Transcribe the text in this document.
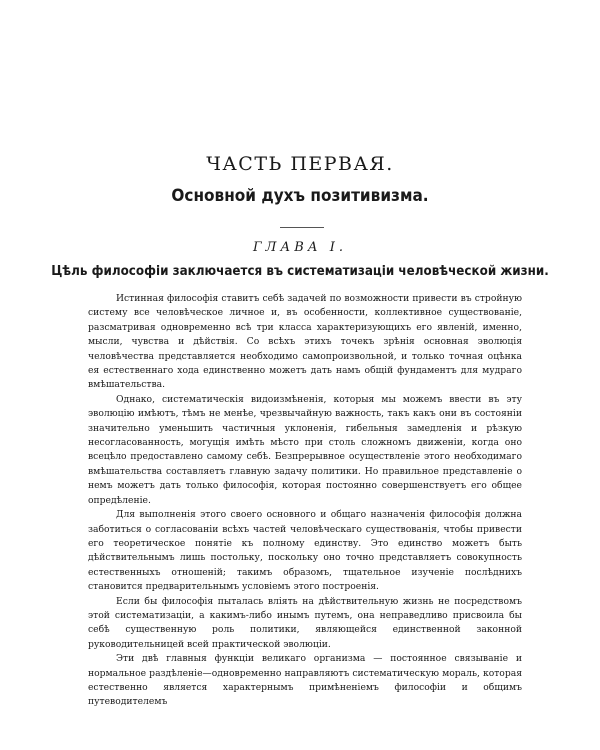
ЧАСТЬ ПЕРВАЯ.
Основной духъ позитивизма.
ГЛАВА I.
Цѣль философіи заключается въ систематизаціи человѣческой жизни.

Истинная философія ставитъ себѣ задачей по возможности привести въ стройную систему все человѣческое личное и, въ особенности, коллективное существованіе, разсматривая одновременно всѣ три класса характеризующихъ его явленій, именно, мысли, чувства и дѣйствія. Со всѣхъ этихъ точекъ зрѣнія основная эволюція человѣчества представляется необходимо самопроизвольной, и только точная оцѣнка ея естественнаго хода единственно можетъ дать намъ общій фундаментъ для мудраго вмѣшательства.

Однако, систематическія видоизмѣненія, которыя мы можемъ ввести въ эту эволюцію имѣютъ, тѣмъ не менѣе, чрезвычайную важность, такъ какъ они въ состояніи значительно уменьшить частичныя уклоненія, гибельныя замедленія и рѣзкую несогласованность, могущія имѣть мѣсто при столь сложномъ движеніи, когда оно всецѣло предоставлено самому себѣ. Безпрерывное осуществленіе этого необходимаго вмѣшательства составляетъ главную задачу политики. Но правильное представленіе о немъ можетъ дать только философія, которая постоянно совершенствуетъ его общее опредѣленіе.

Для выполненія этого своего основного и общаго назначенія философія должна заботиться о согласованіи всѣхъ частей человѣческаго существованія, чтобы привести его теоретическое понятіе къ полному единству. Это единство можетъ быть дѣйствительнымъ лишь постольку, поскольку оно точно представляетъ совокупность естественныхъ отношеній; такимъ образомъ, тщательное изученіе послѣднихъ становится предварительнымъ условіемъ этого построенія.

Если бы философія пыталась вліять на дѣйствительную жизнь не посредствомъ этой систематизаціи, а какимъ-либо инымъ путемъ, она неправедливо присвоила бы себѣ существенную роль политики, являющейся единственной законной руководительницей всей практической эволюціи.

Эти двѣ главныя функціи великаго организма — постоянное связываніе и нормальное раздѣленіе—одновременно направляютъ систематическую мораль, которая естественно является характернымъ примѣненіемъ философіи и общимъ путеводителемъ
